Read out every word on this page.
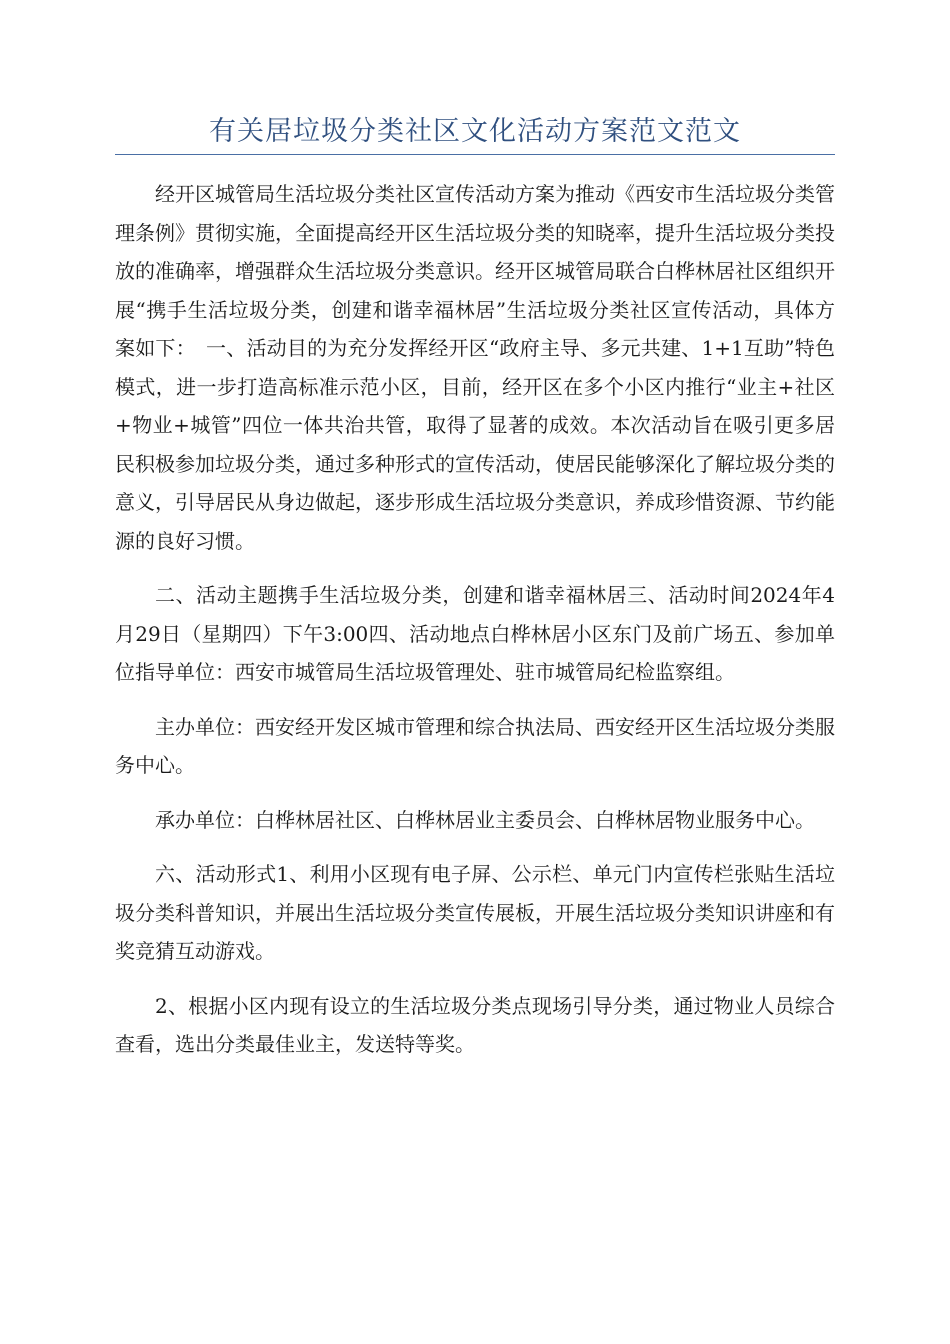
有关居垃圾分类社区文化活动方案范文范文

经开区城管局生活垃圾分类社区宣传活动方案为推动《西安市生活垃圾分类管理条例》贯彻实施，全面提高经开区生活垃圾分类的知晓率，提升生活垃圾分类投放的准确率，增强群众生活垃圾分类意识。经开区城管局联合白桦林居社区组织开展“携手生活垃圾分类，创建和谐幸福林居”生活垃圾分类社区宣传活动，具体方案如下：　一、活动目的为充分发挥经开区“政府主导、多元共建、1+1互助”特色模式，进一步打造高标准示范小区，目前，经开区在多个小区内推行“业主+社区+物业+城管”四位一体共治共管，取得了显著的成效。本次活动旨在吸引更多居民积极参加垃圾分类，通过多种形式的宣传活动，使居民能够深化了解垃圾分类的意义，引导居民从身边做起，逐步形成生活垃圾分类意识，养成珍惜资源、节约能源的良好习惯。

二、活动主题携手生活垃圾分类，创建和谐幸福林居三、活动时间2024年4月29日（星期四）下午3:00四、活动地点白桦林居小区东门及前广场五、参加单位指导单位：西安市城管局生活垃圾管理处、驻市城管局纪检监察组。

主办单位：西安经开发区城市管理和综合执法局、西安经开区生活垃圾分类服务中心。

承办单位：白桦林居社区、白桦林居业主委员会、白桦林居物业服务中心。

六、活动形式1、利用小区现有电子屏、公示栏、单元门内宣传栏张贴生活垃圾分类科普知识，并展出生活垃圾分类宣传展板，开展生活垃圾分类知识讲座和有奖竞猜互动游戏。

2、根据小区内现有设立的生活垃圾分类点现场引导分类，通过物业人员综合查看，选出分类最佳业主，发送特等奖。
